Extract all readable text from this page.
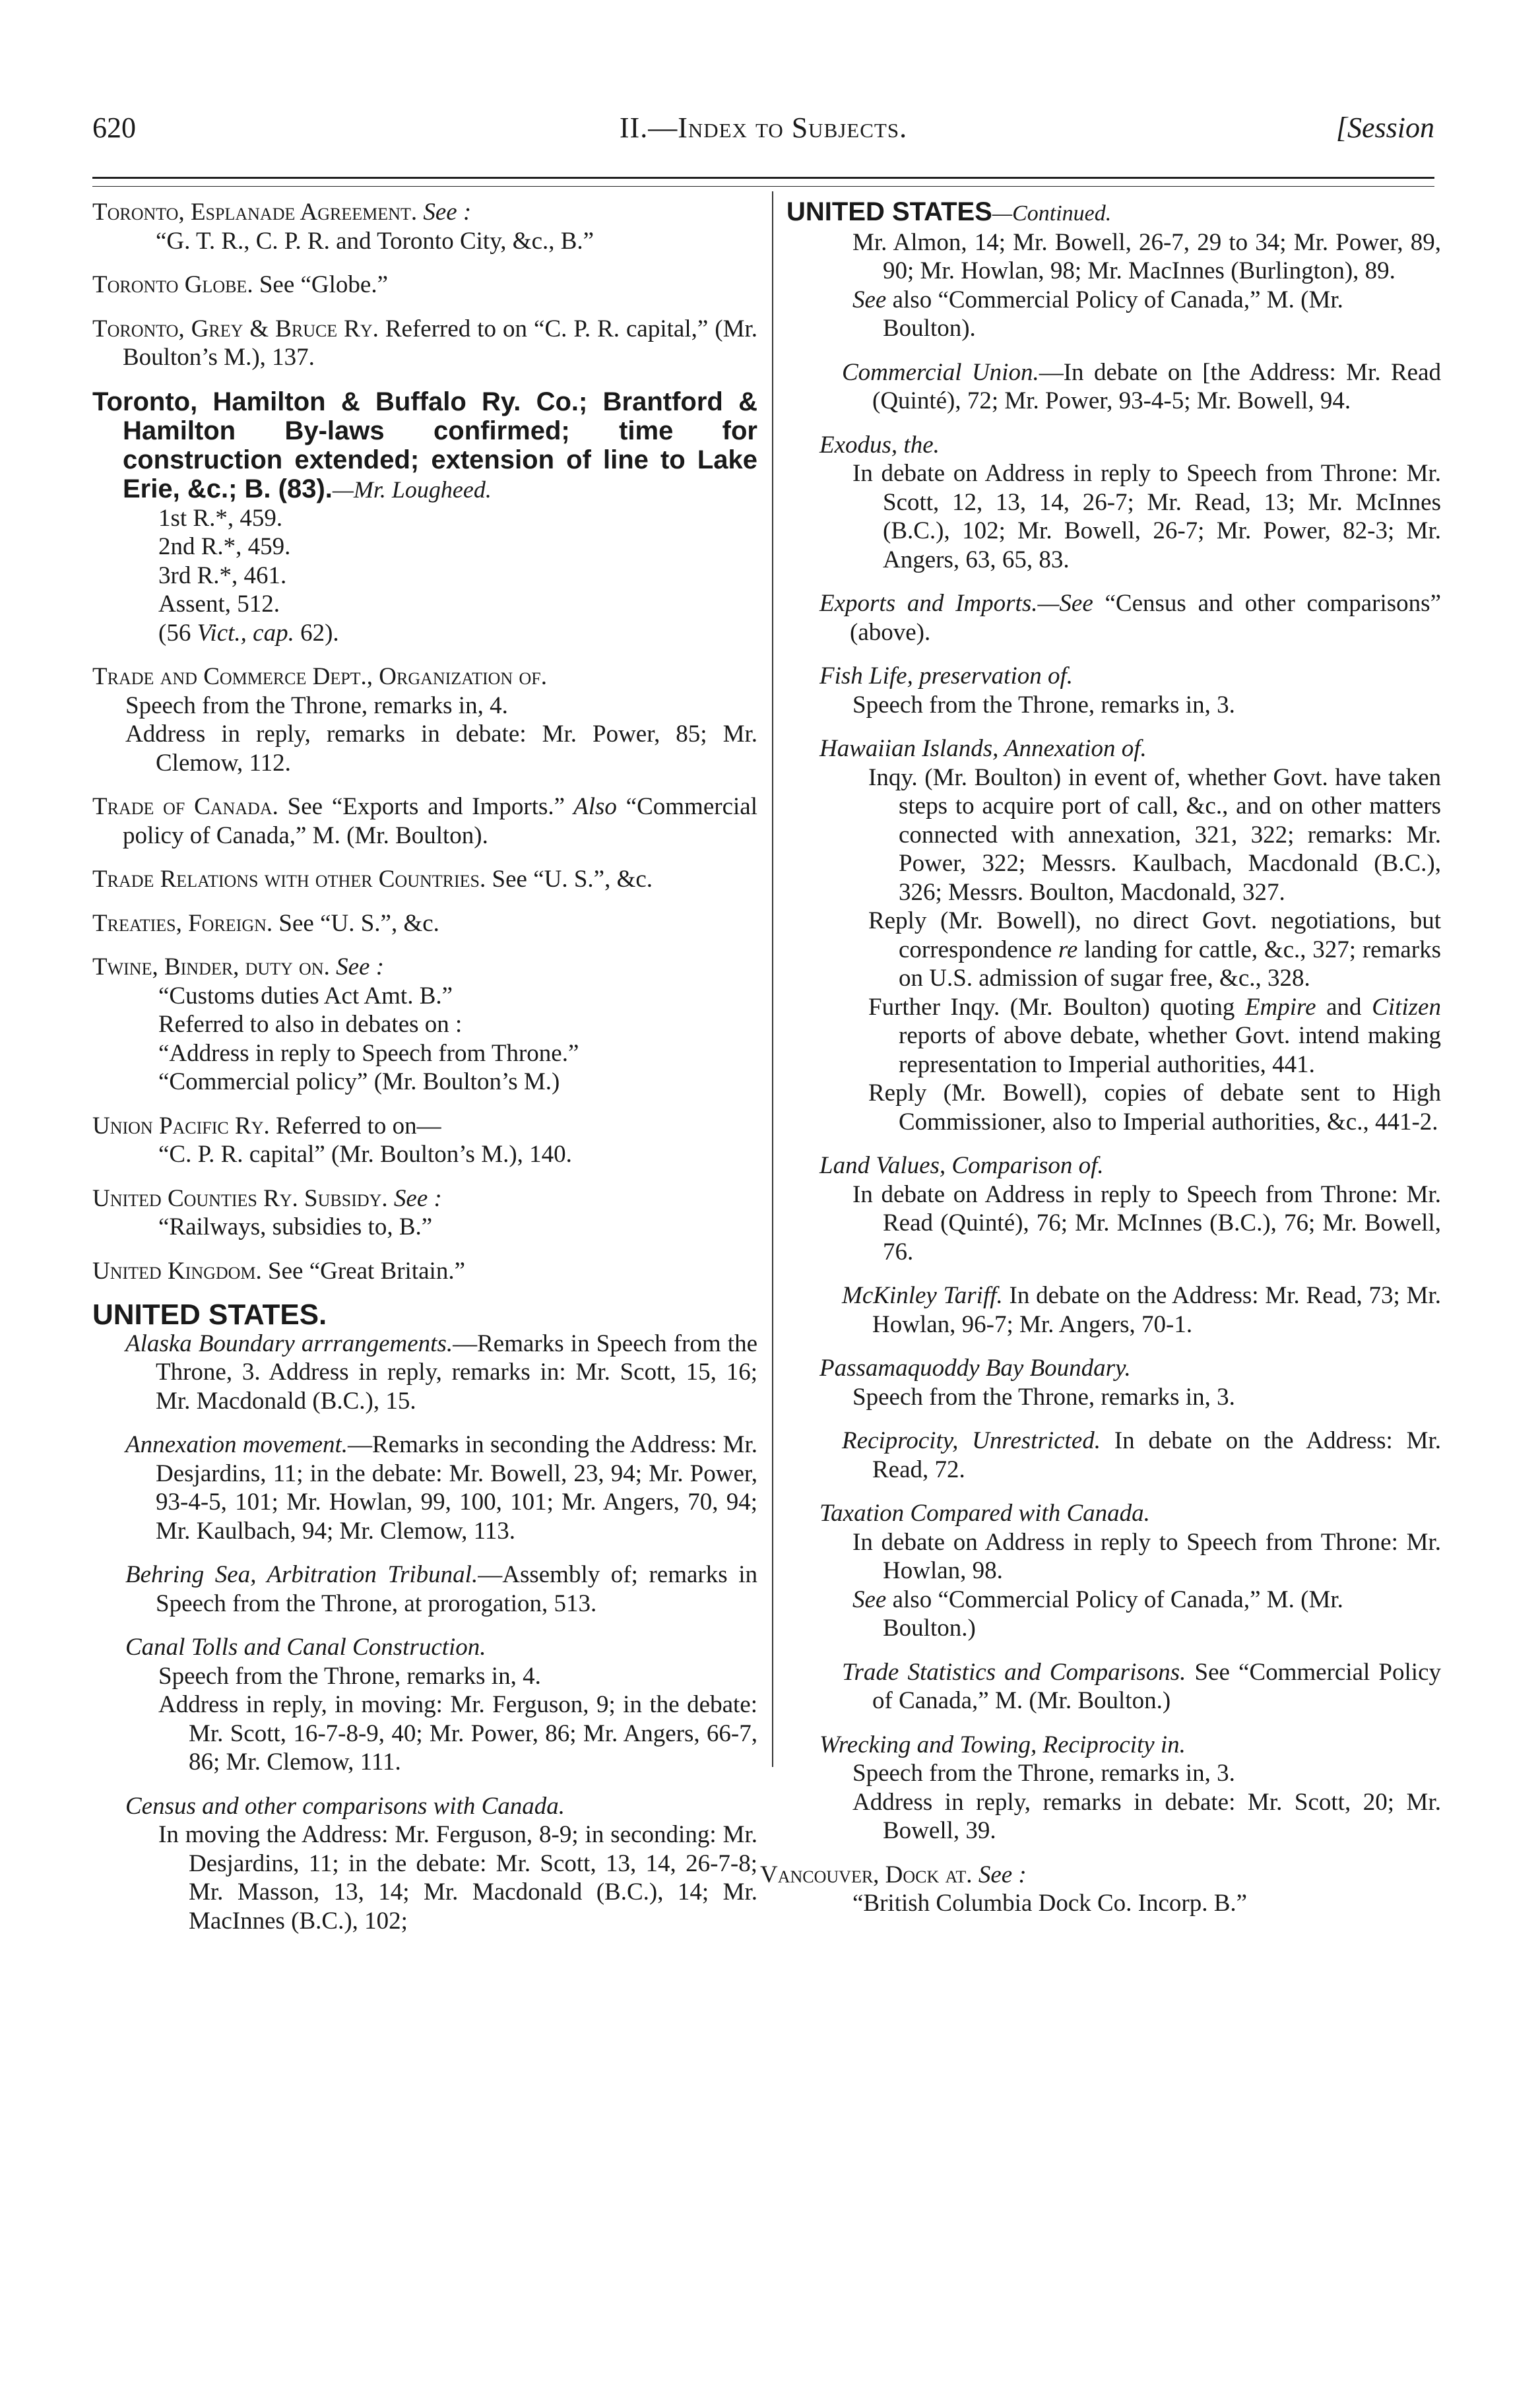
620	II.—Index to Subjects.	[Session

Toronto, Esplanade Agreement. See :
“G. T. R., C. P. R. and Toronto City, &c., B.”

Toronto Globe. See “Globe.”

Toronto, Grey & Bruce Ry. Referred to on “C. P. R. capital,” (Mr. Boulton’s M.), 137.

Toronto, Hamilton & Buffalo Ry. Co.; Brantford & Hamilton By-laws confirmed; time for construction extended; extension of line to Lake Erie, &c.; B. (83).—Mr. Lougheed.

1st R.*, 459.

2nd R.*, 459.

3rd R.*, 461.

Assent, 512.

(56 Vict., cap. 62).

Trade and Commerce Dept., Organization of.

Speech from the Throne, remarks in, 4.

Address in reply, remarks in debate: Mr. Power, 85; Mr. Clemow, 112.

Trade of Canada. See “Exports and Imports.” Also “Commercial policy of Canada,” M. (Mr. Boulton).

Trade Relations with other Countries. See “U. S.”, &c.

Treaties, Foreign. See “U. S.”, &c.

Twine, Binder, duty on. See :

“Customs duties Act Amt. B.”

Referred to also in debates on :

“Address in reply to Speech from Throne.”

“Commercial policy” (Mr. Boulton’s M.)

Union Pacific Ry. Referred to on—

“C. P. R. capital” (Mr. Boulton’s M.), 140.

United Counties Ry. Subsidy. See :

“Railways, subsidies to, B.”

United Kingdom. See “Great Britain.”

UNITED STATES.

Alaska Boundary arrrangements.—Remarks in Speech from the Throne, 3. Address in reply, remarks in: Mr. Scott, 15, 16; Mr. Macdonald (B.C.), 15.

Annexation movement.—Remarks in seconding the Address: Mr. Desjardins, 11; in the debate: Mr. Bowell, 23, 94; Mr. Power, 93-4-5, 101; Mr. Howlan, 99, 100, 101; Mr. Angers, 70, 94; Mr. Kaulbach, 94; Mr. Clemow, 113.

Behring Sea, Arbitration Tribunal.—Assembly of; remarks in Speech from the Throne, at prorogation, 513.

Canal Tolls and Canal Construction.

Speech from the Throne, remarks in, 4.

Address in reply, in moving: Mr. Ferguson, 9; in the debate: Mr. Scott, 16-7-8-9, 40; Mr. Power, 86; Mr. Angers, 66-7, 86; Mr. Clemow, 111.

Census and other comparisons with Canada.

In moving the Address: Mr. Ferguson, 8-9; in seconding: Mr. Desjardins, 11; in the debate: Mr. Scott, 13, 14, 26-7-8; Mr. Masson, 13, 14; Mr. Macdonald (B.C.), 14; Mr. MacInnes (B.C.), 102;

UNITED STATES—Continued.

Mr. Almon, 14; Mr. Bowell, 26-7, 29 to 34; Mr. Power, 89, 90; Mr. Howlan, 98; Mr. MacInnes (Burlington), 89.

See also “Commercial Policy of Canada,” M. (Mr. Boulton).

Commercial Union.—In debate on [the Address: Mr. Read (Quinté), 72; Mr. Power, 93-4-5; Mr. Bowell, 94.

Exodus, the.

In debate on Address in reply to Speech from Throne: Mr. Scott, 12, 13, 14, 26-7; Mr. Read, 13; Mr. McInnes (B.C.), 102; Mr. Bowell, 26-7; Mr. Power, 82-3; Mr. Angers, 63, 65, 83.

Exports and Imports.—See “Census and other comparisons” (above).

Fish Life, preservation of.

Speech from the Throne, remarks in, 3.

Hawaiian Islands, Annexation of.

Inqy. (Mr. Boulton) in event of, whether Govt. have taken steps to acquire port of call, &c., and on other matters connected with annexation, 321, 322; remarks: Mr. Power, 322; Messrs. Kaulbach, Macdonald (B.C.), 326; Messrs. Boulton, Macdonald, 327.

Reply (Mr. Bowell), no direct Govt. negotiations, but correspondence re landing for cattle, &c., 327; remarks on U.S. admission of sugar free, &c., 328.

Further Inqy. (Mr. Boulton) quoting Empire and Citizen reports of above debate, whether Govt. intend making representation to Imperial authorities, 441.

Reply (Mr. Bowell), copies of debate sent to High Commissioner, also to Imperial authorities, &c., 441-2.

Land Values, Comparison of.

In debate on Address in reply to Speech from Throne: Mr. Read (Quinté), 76; Mr. McInnes (B.C.), 76; Mr. Bowell, 76.

McKinley Tariff. In debate on the Address: Mr. Read, 73; Mr. Howlan, 96-7; Mr. Angers, 70-1.

Passamaquoddy Bay Boundary.

Speech from the Throne, remarks in, 3.

Reciprocity, Unrestricted. In debate on the Address: Mr. Read, 72.

Taxation Compared with Canada.

In debate on Address in reply to Speech from Throne: Mr. Howlan, 98.

See also “Commercial Policy of Canada,” M. (Mr. Boulton.)

Trade Statistics and Comparisons. See “Commercial Policy of Canada,” M. (Mr. Boulton.)

Wrecking and Towing, Reciprocity in.

Speech from the Throne, remarks in, 3.

Address in reply, remarks in debate: Mr. Scott, 20; Mr. Bowell, 39.

Vancouver, Dock at. See :

“British Columbia Dock Co. Incorp. B.”
